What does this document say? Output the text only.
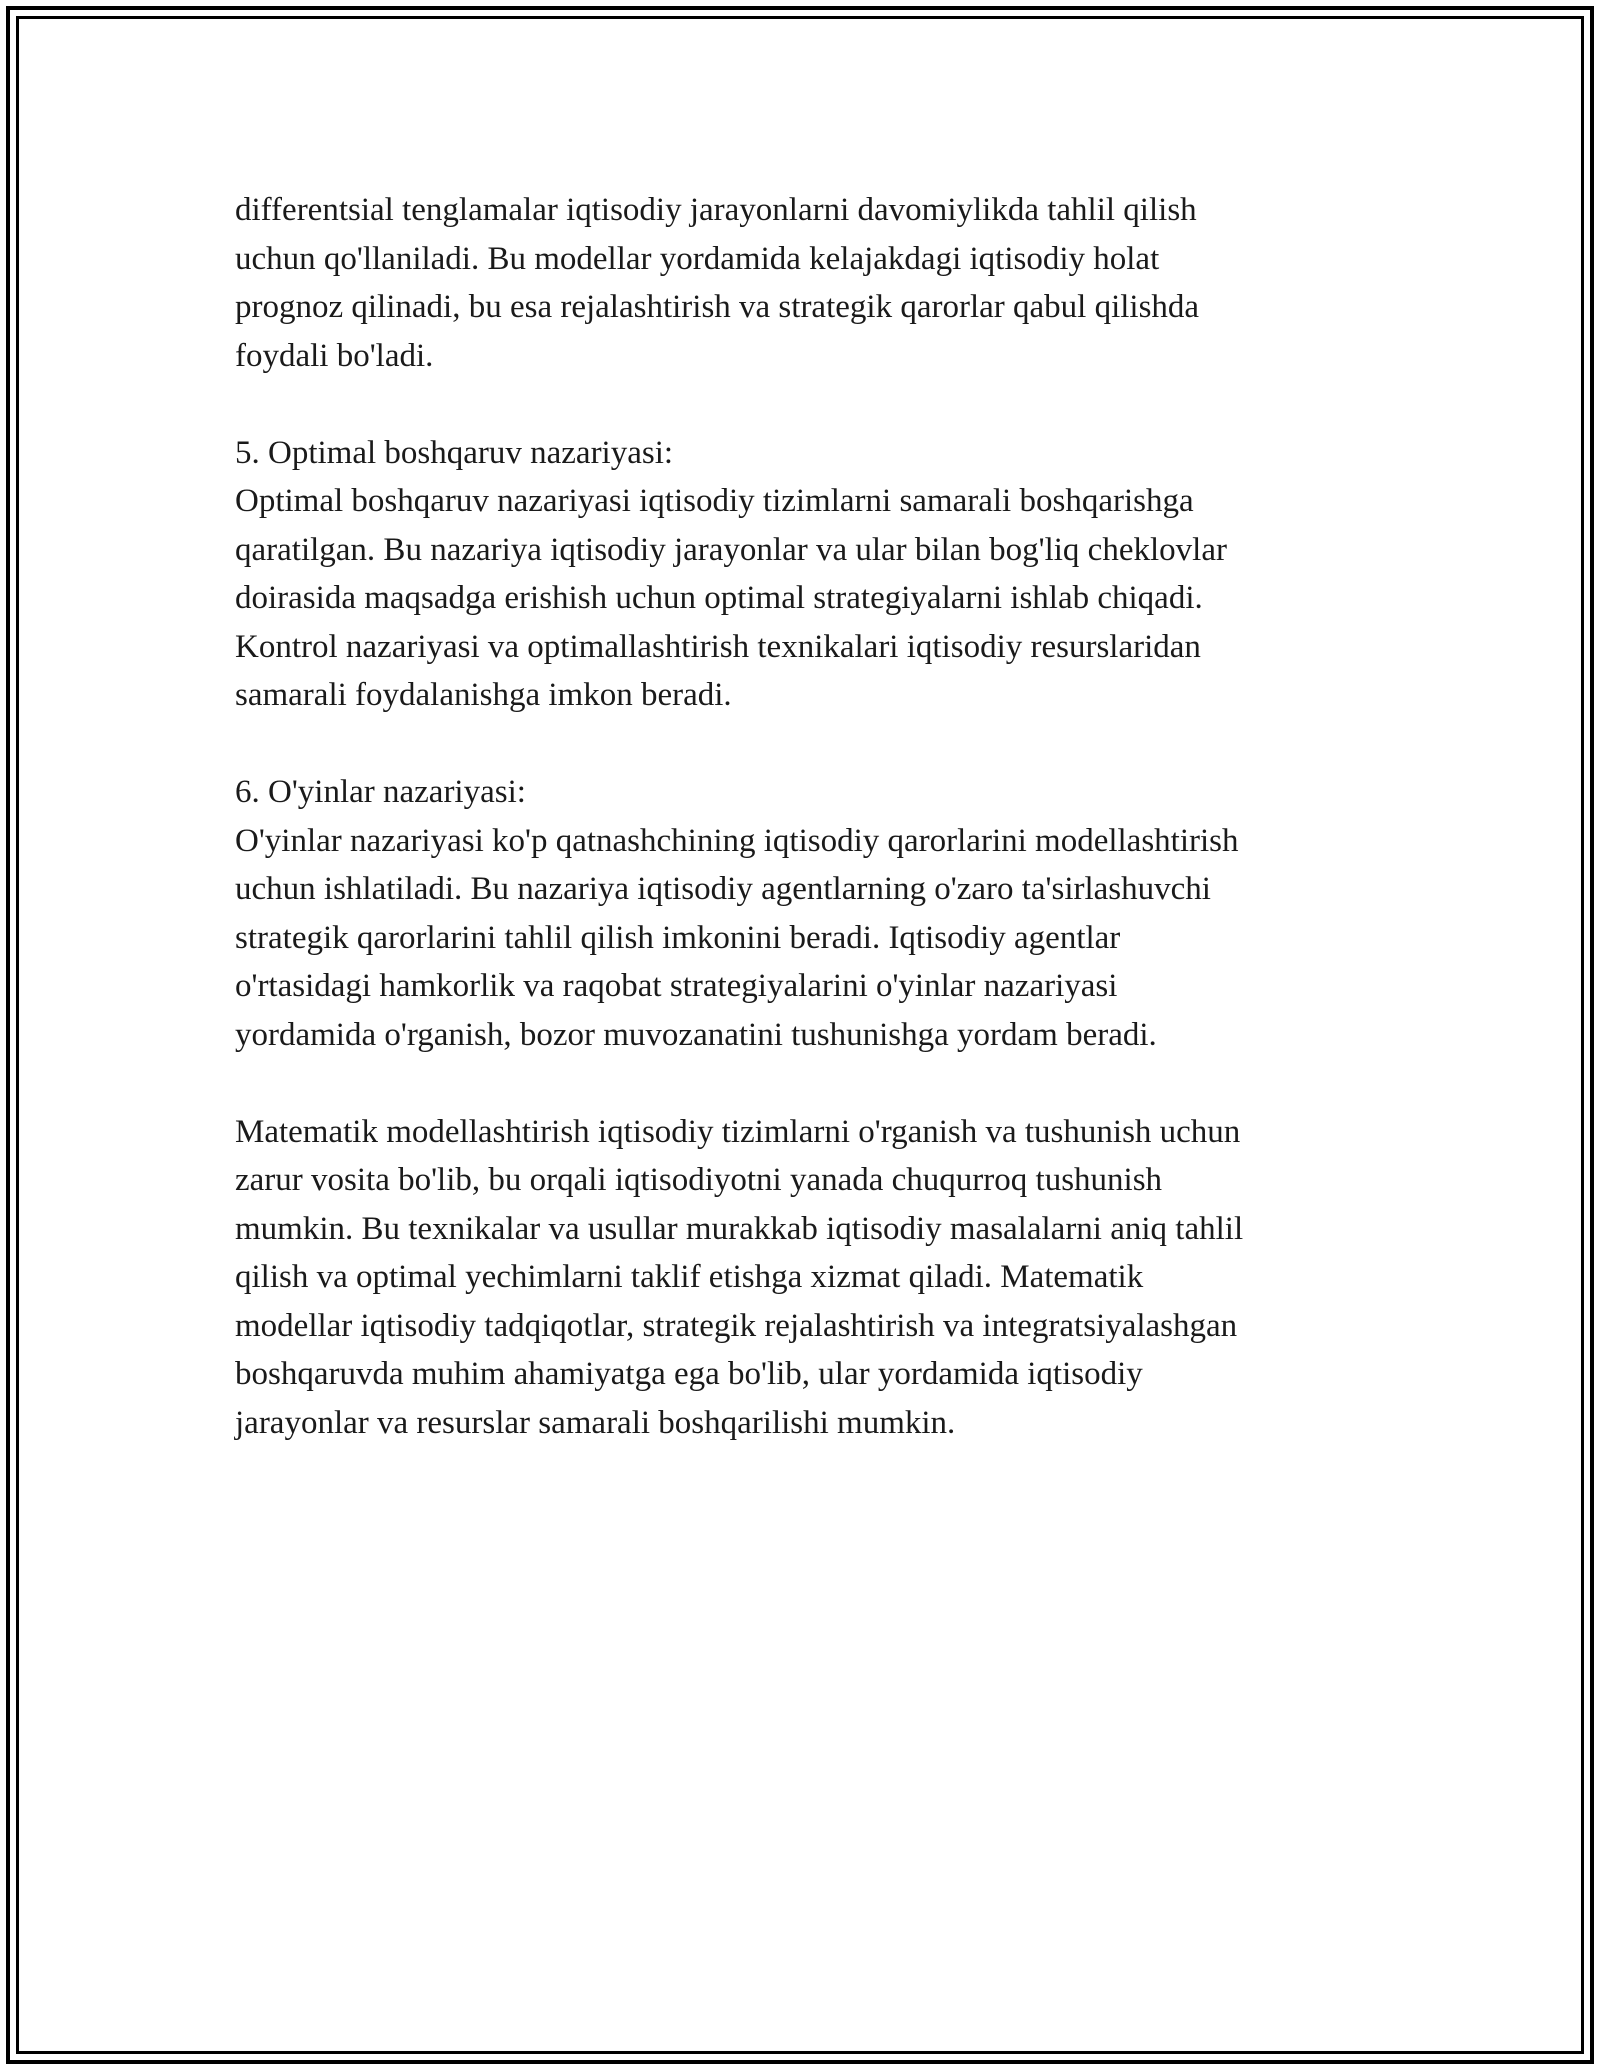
differentsial tenglamalar iqtisodiy jarayonlarni davomiylikda tahlil qilish
uchun qo'llaniladi. Bu modellar yordamida kelajakdagi iqtisodiy holat
prognoz qilinadi, bu esa rejalashtirish va strategik qarorlar qabul qilishda
foydali bo'ladi.
5. Optimal boshqaruv nazariyasi:
Optimal boshqaruv nazariyasi iqtisodiy tizimlarni samarali boshqarishga
qaratilgan. Bu nazariya iqtisodiy jarayonlar va ular bilan bog'liq cheklovlar
doirasida maqsadga erishish uchun optimal strategiyalarni ishlab chiqadi.
Kontrol nazariyasi va optimallashtirish texnikalari iqtisodiy resurslaridan
samarali foydalanishga imkon beradi.
6. O'yinlar nazariyasi:
O'yinlar nazariyasi ko'p qatnashchining iqtisodiy qarorlarini modellashtirish
uchun ishlatiladi. Bu nazariya iqtisodiy agentlarning o'zaro ta'sirlashuvchi
strategik qarorlarini tahlil qilish imkonini beradi. Iqtisodiy agentlar
o'rtasidagi hamkorlik va raqobat strategiyalarini o'yinlar nazariyasi
yordamida o'rganish, bozor muvozanatini tushunishga yordam beradi.
Matematik modellashtirish iqtisodiy tizimlarni o'rganish va tushunish uchun
zarur vosita bo'lib, bu orqali iqtisodiyotni yanada chuqurroq tushunish
mumkin. Bu texnikalar va usullar murakkab iqtisodiy masalalarni aniq tahlil
qilish va optimal yechimlarni taklif etishga xizmat qiladi. Matematik
modellar iqtisodiy tadqiqotlar, strategik rejalashtirish va integratsiyalashgan
boshqaruvda muhim ahamiyatga ega bo'lib, ular yordamida iqtisodiy
jarayonlar va resurslar samarali boshqarilishi mumkin.
